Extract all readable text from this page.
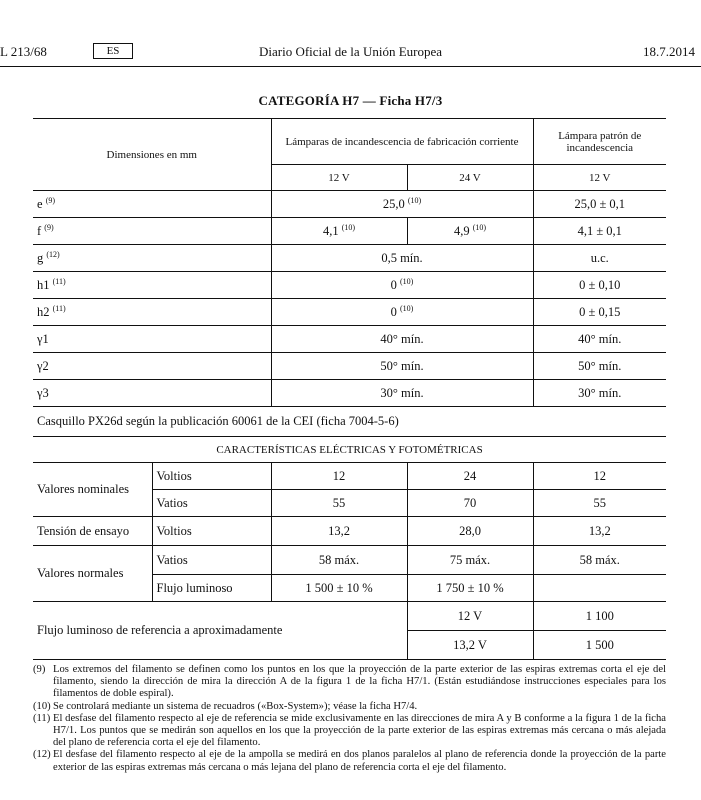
L 213/68	ES	Diario Oficial de la Unión Europea	18.7.2014
CATEGORÍA H7 — Ficha H7/3
Dimensiones en mm		Lámparas de incandescencia de fabricación corriente		Lámpara patrón de incandescencia
		12 V	24 V	12 V
e $^{(9)}$		25,0 $^{(10)}$		25,0 ± 0,1
f $^{(9)}$		4,1 $^{(10)}$	4,9 $^{(10)}$	4,1 ± 0,1
g $^{(12)}$		0,5 mín.		u.c.
h1 $^{(11)}$		0 $^{(10)}$		0 ± 0,10
h2 $^{(11)}$		0 $^{(10)}$		0 ± 0,15
γ1		40° mín.		40° mín.
γ2		50° mín.		50° mín.
γ3		30° mín.		30° mín.
Casquillo PX26d según la publicación 60061 de la CEI (ficha 7004-5-6)				
CARACTERÍSTICAS ELÉCTRICAS Y FOTOMÉTRICAS				
Valores nominales	Voltios	12	24	12
	Vatios	55	70	55
Tensión de ensayo	Voltios	13,2	28,0	13,2
Valores normales	Vatios	58 máx.	75 máx.	58 máx.
	Flujo luminoso	1 500 ± 10 %	1 750 ± 10 %	
Flujo luminoso de referencia a aproximadamente			12 V	1 100
			13,2 V	1 500
(9) Los extremos del filamento se definen como los puntos en los que la proyección de la parte exterior de las espiras extremas corta el eje del filamento, siendo la dirección de mira la dirección A de la figura 1 de la ficha H7/1. (Están estudiándose instrucciones especiales para los filamentos de doble espiral).
(10) Se controlará mediante un sistema de recuadros («Box-System»); véase la ficha H7/4.
(11) El desfase del filamento respecto al eje de referencia se mide exclusivamente en las direcciones de mira A y B conforme a la figura 1 de la ficha H7/1. Los puntos que se medirán son aquellos en los que la proyección de la parte exterior de las espiras extremas más cercana o más alejada del plano de referencia corta el eje del filamento.
(12) El desfase del filamento respecto al eje de la ampolla se medirá en dos planos paralelos al plano de referencia donde la proyección de la parte exterior de las espiras extremas más cercana o más lejana del plano de referencia corta el eje del filamento.
